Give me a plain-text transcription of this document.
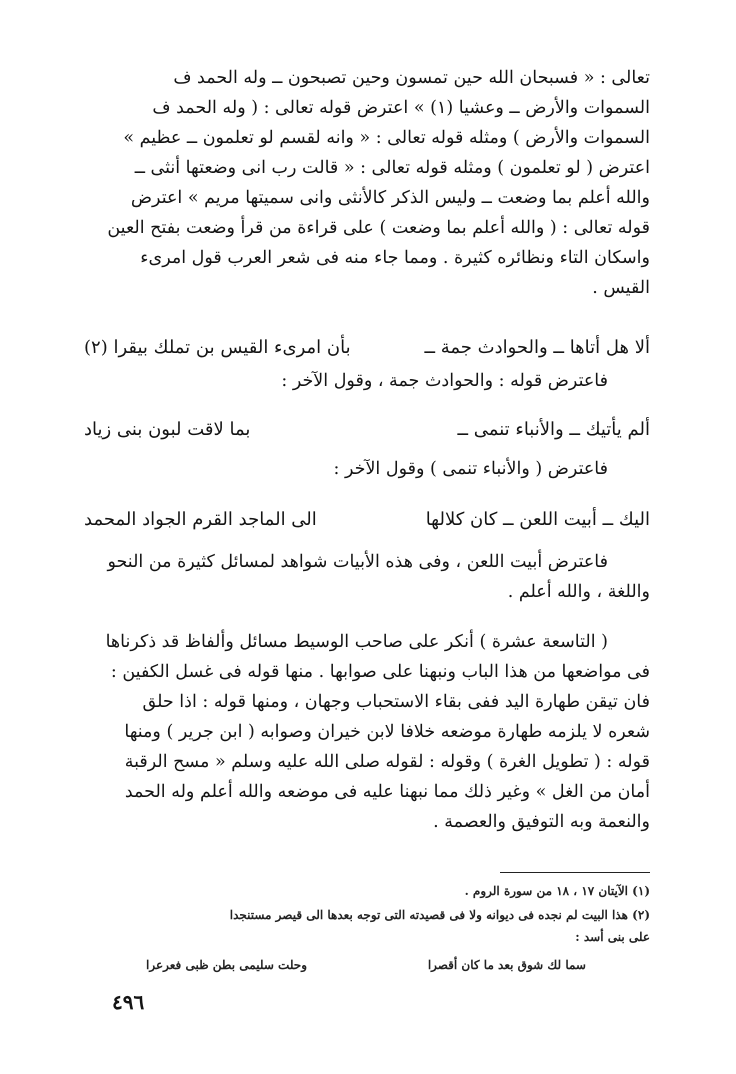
تعالى : « فسبحان الله حين تمسون وحين تصبحون ــ وله الحمد ف
السموات والأرض ــ وعشيا (١) » اعترض قوله تعالى : ( وله الحمد ف
السموات والأرض ) ومثله قوله تعالى : « وانه لقسم لو تعلمون ــ عظيم »
اعترض ( لو تعلمون ) ومثله قوله تعالى : « قالت رب انى وضعتها أنثى ــ
والله أعلم بما وضعت ــ وليس الذكر كالأنثى وانى سميتها مريم » اعترض
قوله تعالى : ( والله أعلم بما وضعت ) على قراءة من قرأ وضعت بفتح العين
واسكان التاء ونظائره كثيرة . ومما جاء منه فى شعر العرب قول امرىء
القيس .
ألا هل أتاها ــ والحوادث جمة ــ
بأن امرىء القيس بن تملك بيقرا (٢)
فاعترض قوله : والحوادث جمة ، وقول الآخر :
ألم يأتيك ــ والأنباء تنمى ــ
بما لاقت لبون بنى زياد
فاعترض ( والأنباء تنمى ) وقول الآخر :
اليك ــ أبيت اللعن ــ كان كلالها
الى الماجد القرم الجواد المحمد
فاعترض أبيت اللعن ، وفى هذه الأبيات شواهد لمسائل كثيرة من النحو
واللغة ، والله أعلم .
( التاسعة عشرة ) أنكر على صاحب الوسيط مسائل وألفاظ قد ذكرناها
فى مواضعها من هذا الباب ونبهنا على صوابها . منها قوله فى غسل الكفين :
فان تيقن طهارة اليد ففى بقاء الاستحباب وجهان ، ومنها قوله : اذا حلق
شعره لا يلزمه طهارة موضعه خلافا لابن خيران وصوابه ( ابن جرير ) ومنها
قوله : ( تطويل الغرة ) وقوله : لقوله صلى الله عليه وسلم « مسح الرقبة
أمان من الغل » وغير ذلك مما نبهنا عليه فى موضعه والله أعلم وله الحمد
والنعمة وبه التوفيق والعصمة .
(١) الآيتان ١٧ ، ١٨ من سورة الروم .
(٢) هذا البيت لم نجده فى ديوانه ولا فى قصيدته التى توجه بعدها الى قيصر مستنجدا
على بنى أسد :
سما لك شوق بعد ما كان أقصرا
وحلت سليمى بطن ظبى فعرعرا
٤٩٦
